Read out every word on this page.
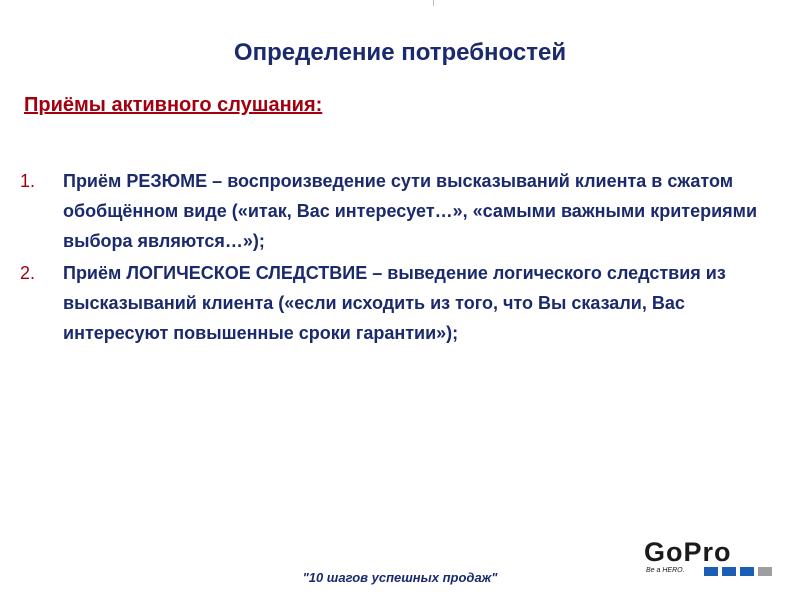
Определение потребностей
Приёмы активного слушания:
1.	Приём РЕЗЮМЕ – воспроизведение сути высказываний клиента в сжатом обобщённом виде («итак, Вас интересует…», «самыми важными критериями выбора являются…»);
2.	Приём ЛОГИЧЕСКОЕ СЛЕДСТВИЕ – выведение логического следствия из высказываний клиента («если исходить из того, что Вы сказали, Вас интересуют повышенные сроки гарантии»);
"10 шагов успешных продаж"
GoPro
Be a HERO.
